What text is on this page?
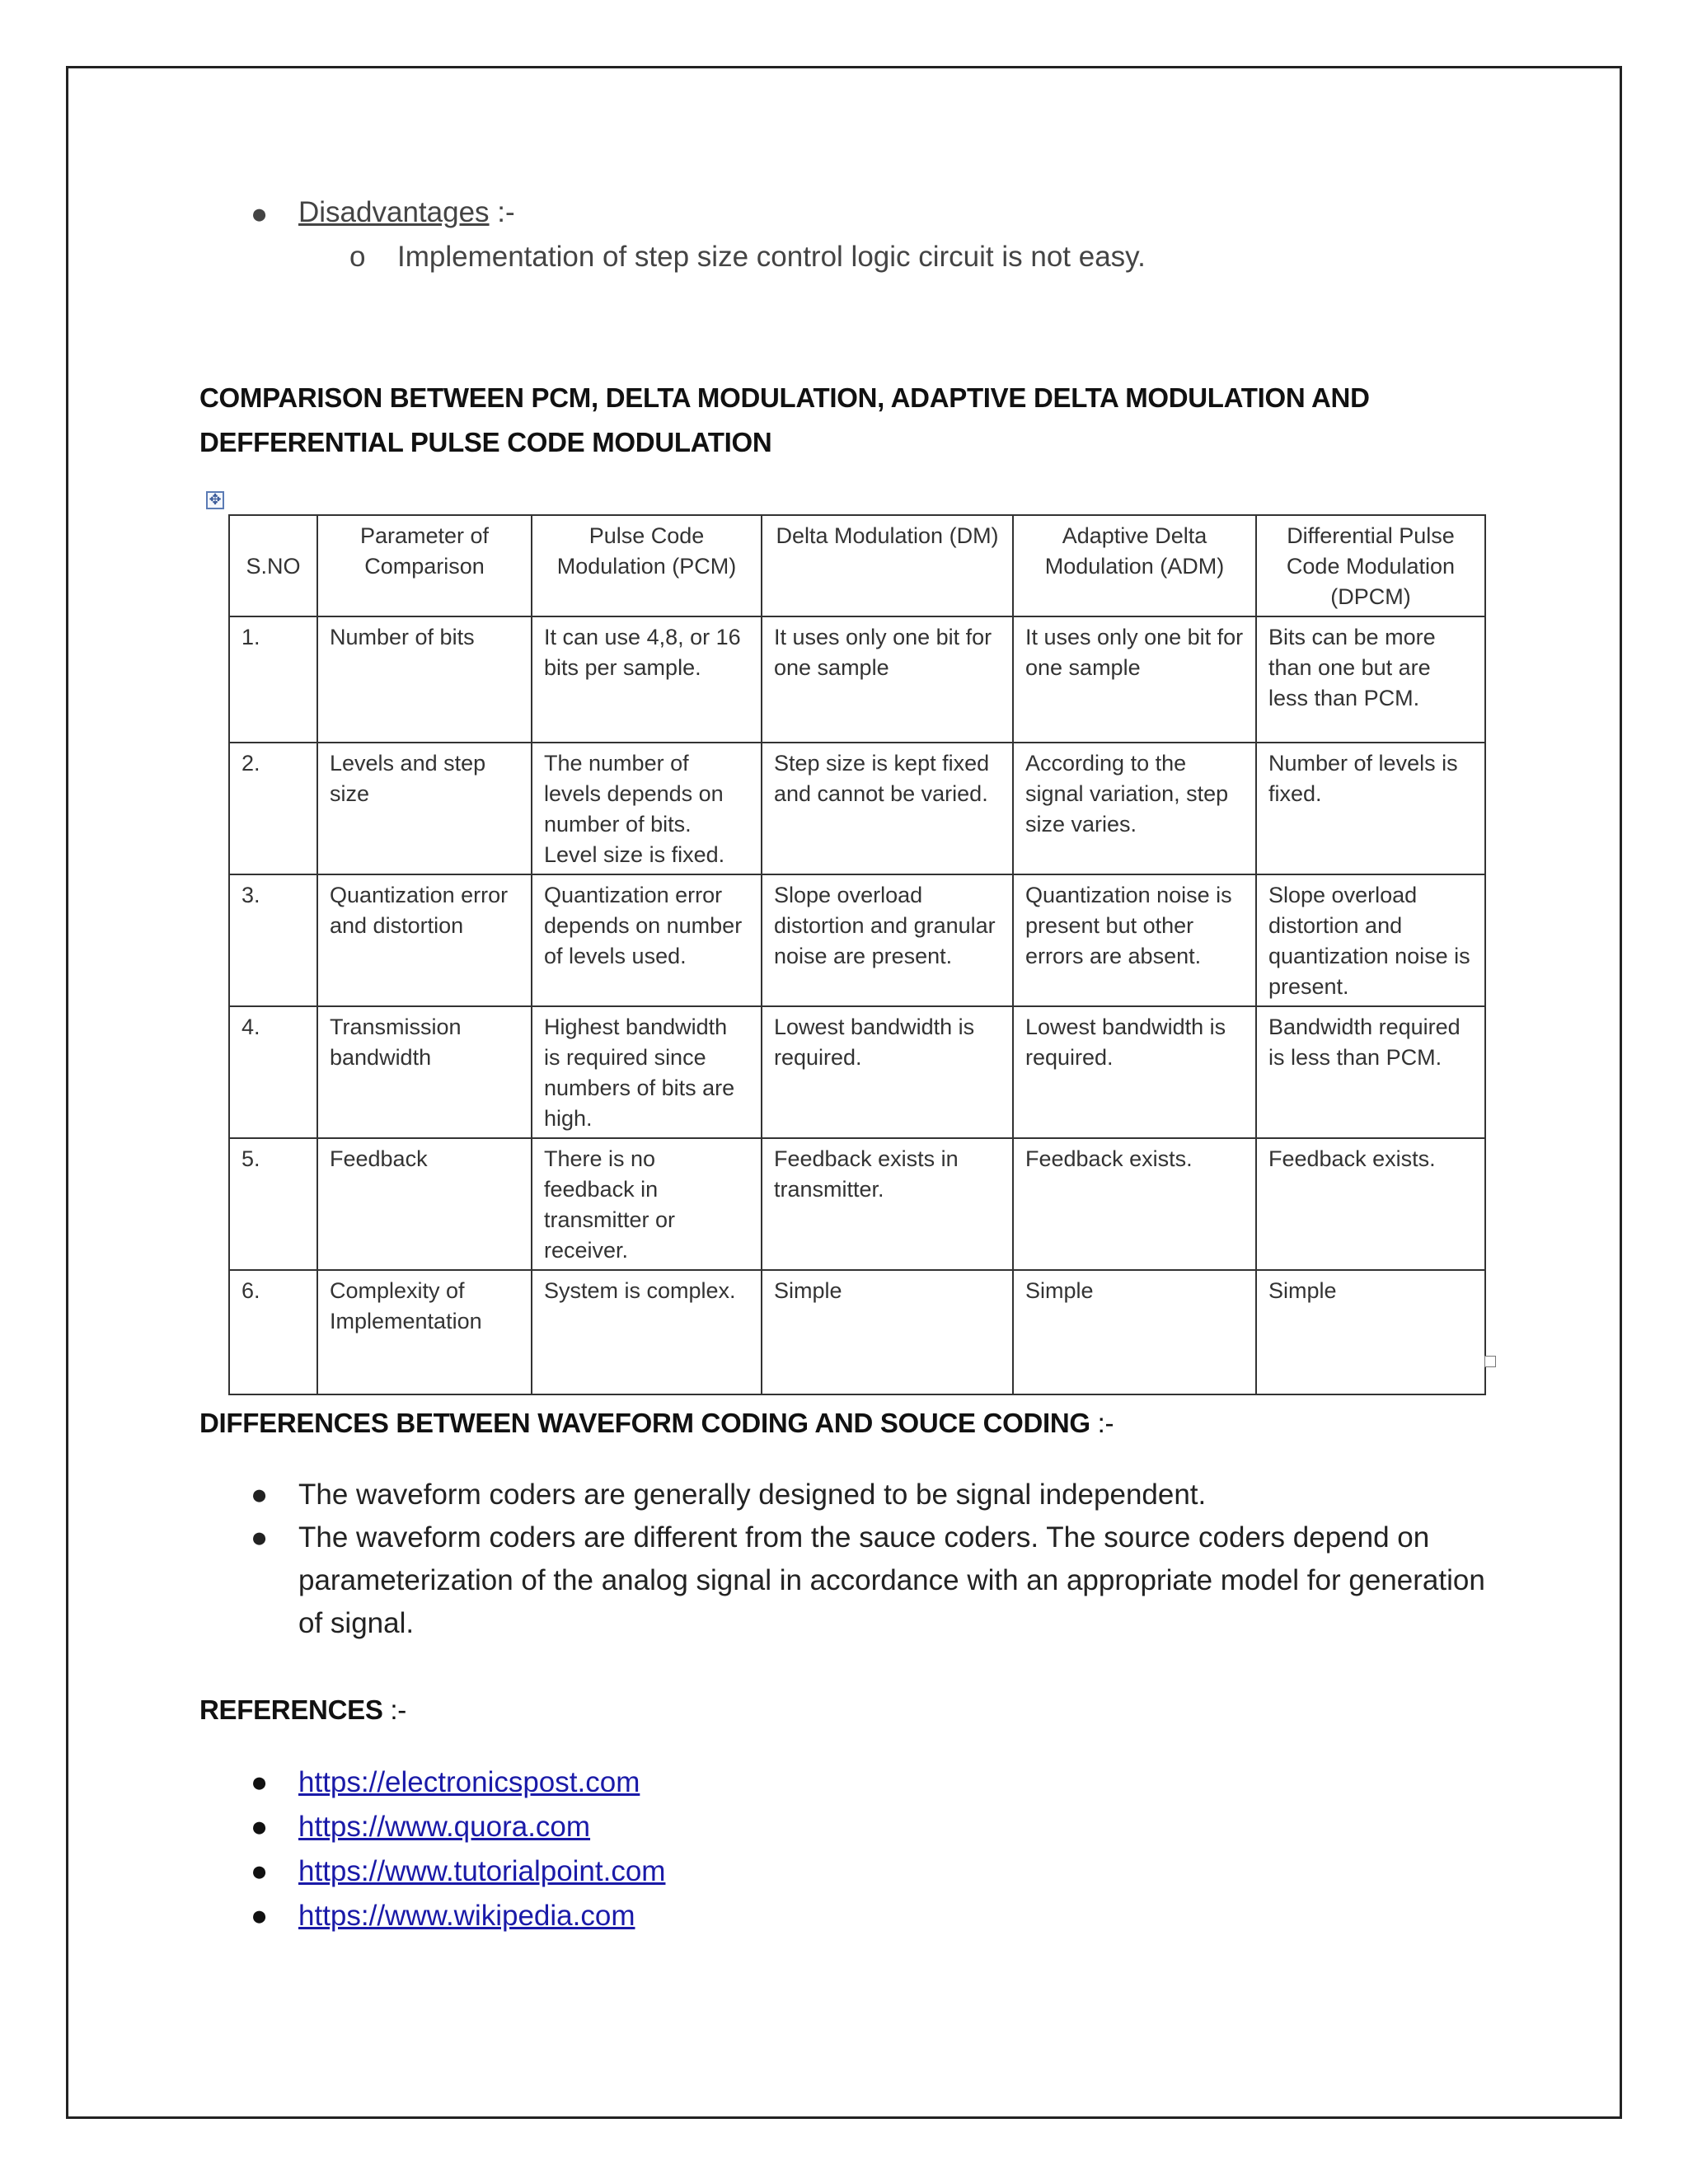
● Disadvantages :-
o Implementation of step size control logic circuit is not easy.
COMPARISON BETWEEN PCM, DELTA MODULATION, ADAPTIVE DELTA MODULATION AND DEFFERENTIAL PULSE CODE MODULATION
✥
S.NO	Parameter of Comparison	Pulse Code Modulation (PCM)	Delta Modulation (DM)	Adaptive Delta Modulation (ADM)	Differential Pulse Code Modulation (DPCM)
1.	Number of bits	It can use 4,8, or 16 bits per sample.	It uses only one bit for one sample	It uses only one bit for one sample	Bits can be more than one but are less than PCM.
2.	Levels and step size	The number of levels depends on number of bits. Level size is fixed.	Step size is kept fixed and cannot be varied.	According to the signal variation, step size varies.	Number of levels is fixed.
3.	Quantization error and distortion	Quantization error depends on number of levels used.	Slope overload distortion and granular noise are present.	Quantization noise is present but other errors are absent.	Slope overload distortion and quantization noise is present.
4.	Transmission bandwidth	Highest bandwidth is required since numbers of bits are high.	Lowest bandwidth is required.	Lowest bandwidth is required.	Bandwidth required is less than PCM.
5.	Feedback	There is no feedback in transmitter or receiver.	Feedback exists in transmitter.	Feedback exists.	Feedback exists.
6.	Complexity of Implementation	System is complex.	Simple	Simple	Simple
DIFFERENCES BETWEEN WAVEFORM CODING AND SOUCE CODING :-
● The waveform coders are generally designed to be signal independent.
● The waveform coders are different from the sauce coders. The source coders depend on parameterization of the analog signal in accordance with an appropriate model for generation of signal.
REFERENCES :-
● https://electronicspost.com
● https://www.quora.com
● https://www.tutorialpoint.com
● https://www.wikipedia.com
